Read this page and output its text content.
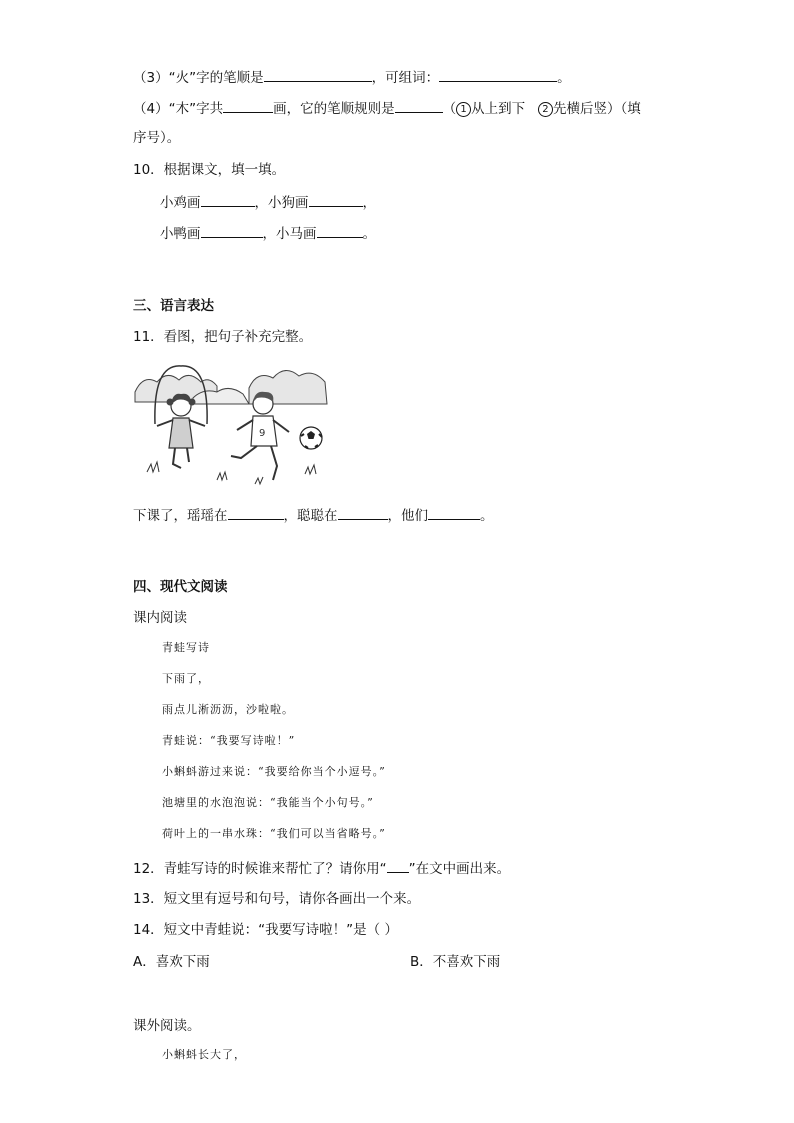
（3）“火”字的笔顺是	，可组词：	。
（4）“木”字共	画，它的笔顺规则是	（ 1 从上到下 2 先横后竖）（填
序号）。
10．根据课文，填一填。
小鸡画	，小狗画	，
小鸭画	，小马画	。
三、语言表达
11．看图，把句子补充完整。
9
下课了，瑶瑶在	，聪聪在	，他们	。
四、现代文阅读
课内阅读
青蛙写诗
下雨了，
雨点儿淅沥沥，沙啦啦。
青蛙说：“我要写诗啦！”
小蝌蚪游过来说：“我要给你当个小逗号。”
池塘里的水泡泡说：“我能当个小句号。”
荷叶上的一串水珠：“我们可以当省略号。”
12．青蛙写诗的时候谁来帮忙了？请你用“ ”在文中画出来。
13．短文里有逗号和句号，请你各画出一个来。
14．短文中青蛙说：“我要写诗啦！”是（ ）
A．喜欢下雨	B．不喜欢下雨
课外阅读。
小蝌蚪长大了，
